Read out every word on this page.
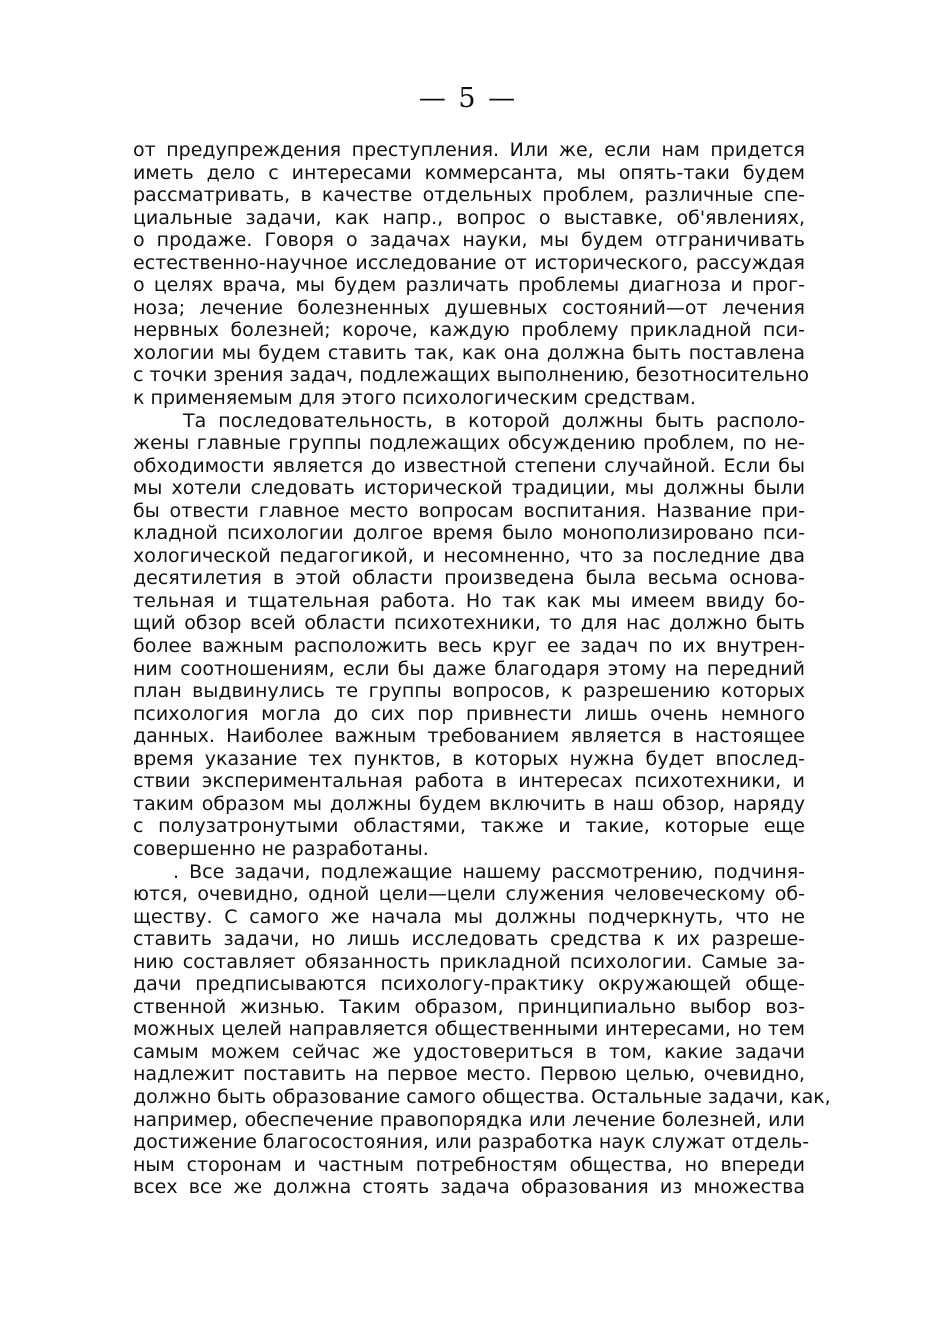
— 5 —
от предупреждения преступления. Или же, если нам придется
иметь дело с интересами коммерсанта, мы опять-таки будем
рассматривать, в качестве отдельных проблем, различные спе-
циальные задачи, как напр., вопрос о выставке, об'явлениях,
о продаже. Говоря о задачах науки, мы будем отграничивать
естественно-научное исследование от исторического, рассуждая
о целях врача, мы будем различать проблемы диагноза и прог-
ноза; лечение болезненных душевных состояний—от лечения
нервных болезней; короче, каждую проблему прикладной пси-
хологии мы будем ставить так, как она должна быть поставлена
с точки зрения задач, подлежащих выполнению, безотносительно
к применяемым для этого психологическим средствам.
Та последовательность, в которой должны быть располо-
жены главные группы подлежащих обсуждению проблем, по не-
обходимости является до известной степени случайной. Если бы
мы хотели следовать исторической традиции, мы должны были
бы отвести главное место вопросам воспитания. Название при-
кладной психологии долгое время было монополизировано пси-
хологической педагогикой, и несомненно, что за последние два
десятилетия в этой области произведена была весьма основа-
тельная и тщательная работа. Но так как мы имеем ввиду бо-
щий обзор всей области психотехники, то для нас должно быть
более важным расположить весь круг ее задач по их внутрен-
ним соотношениям, если бы даже благодаря этому на передний
план выдвинулись те группы вопросов, к разрешению которых
психология могла до сих пор привнести лишь очень немного
данных. Наиболее важным требованием является в настоящее
время указание тех пунктов, в которых нужна будет впослед-
ствии экспериментальная работа в интересах психотехники, и
таким образом мы должны будем включить в наш обзор, наряду
с полузатронутыми областями, также и такие, которые еще
совершенно не разработаны.
. Все задачи, подлежащие нашему рассмотрению, подчиня-
ются, очевидно, одной цели—цели служения человеческому об-
ществу. С самого же начала мы должны подчеркнуть, что не
ставить задачи, но лишь исследовать средства к их разреше-
нию составляет обязанность прикладной психологии. Самые за-
дачи предписываются психологу-практику окружающей обще-
ственной жизнью. Таким образом, принципиально выбор воз-
можных целей направляется общественными интересами, но тем
самым можем сейчас же удостовериться в том, какие задачи
надлежит поставить на первое место. Первою целью, очевидно,
должно быть образование самого общества. Остальные задачи, как,
например, обеспечение правопорядка или лечение болезней, или
достижение благосостояния, или разработка наук служат отдель-
ным сторонам и частным потребностям общества, но впереди
всех все же должна стоять задача образования из множества
